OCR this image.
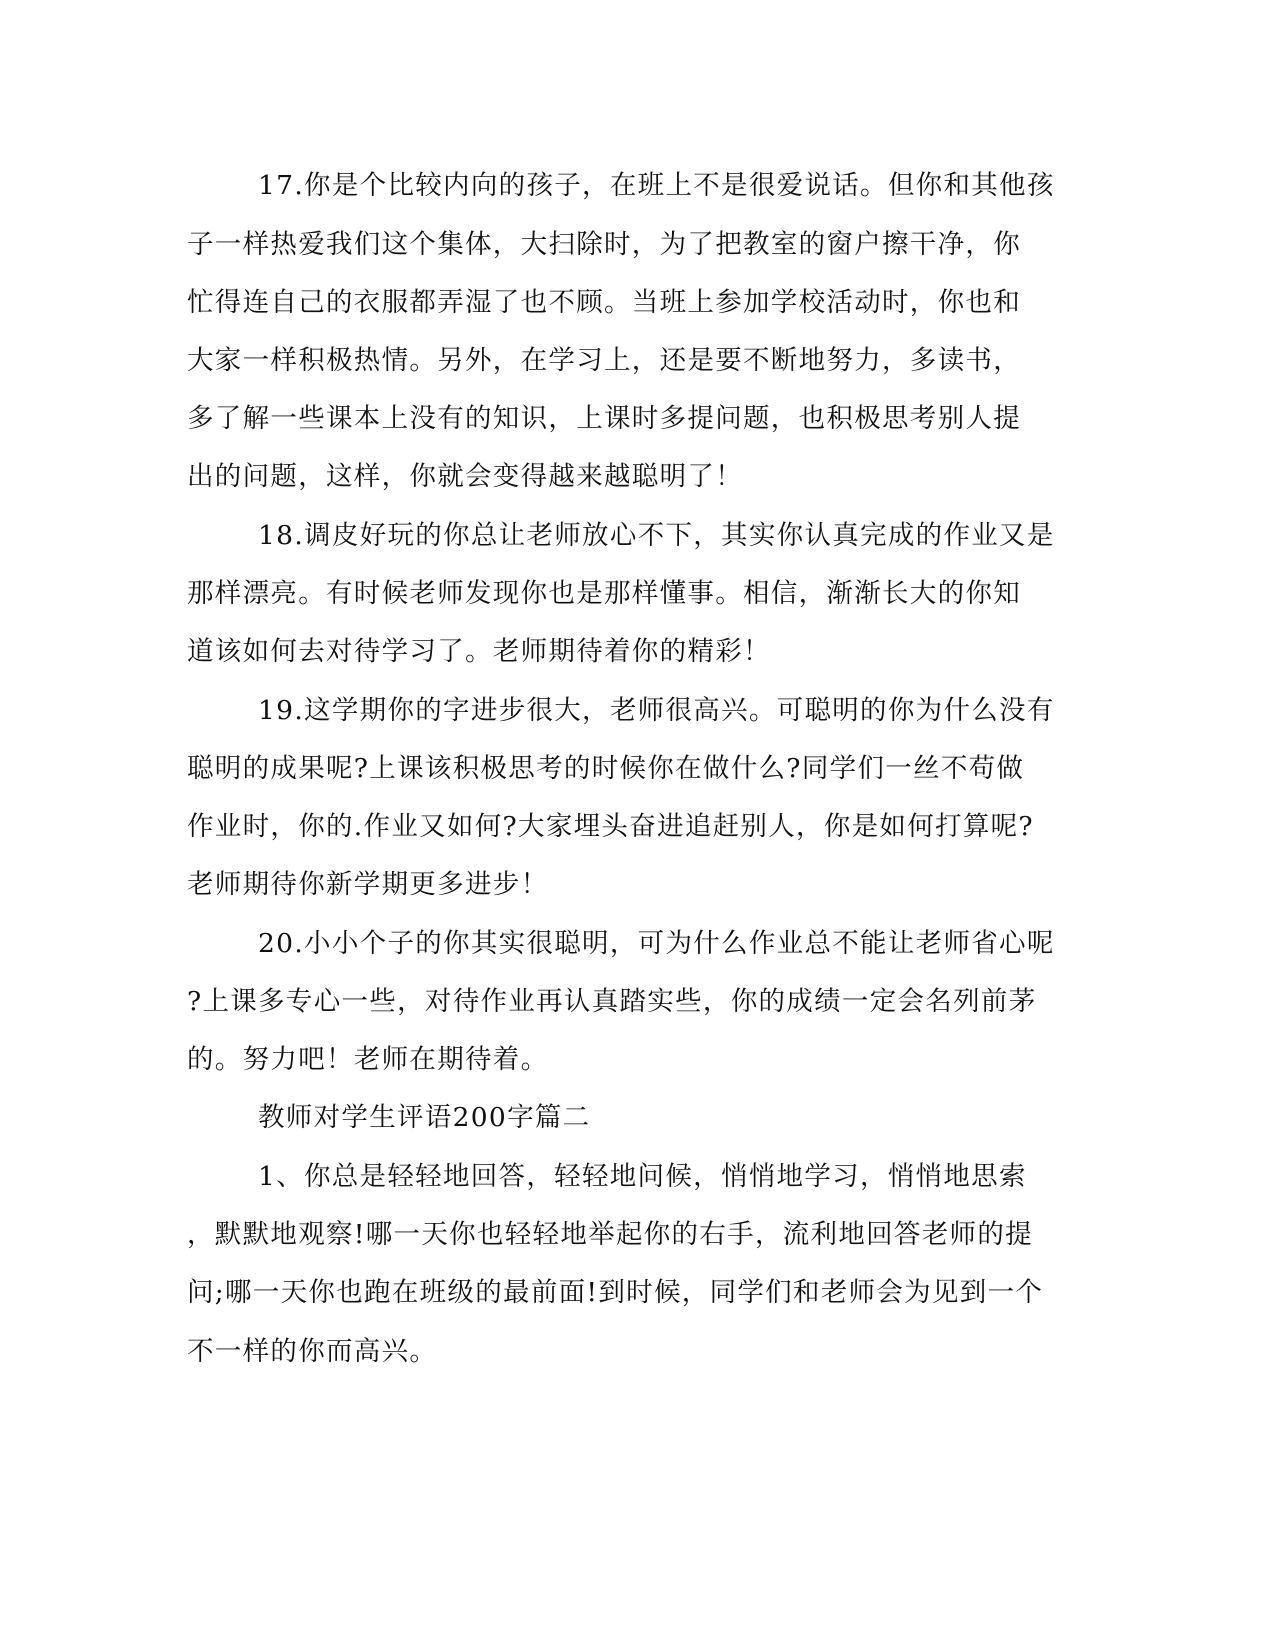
17.你是个比较内向的孩子，在班上不是很爱说话。但你和其他孩
子一样热爱我们这个集体，大扫除时，为了把教室的窗户擦干净，你
忙得连自己的衣服都弄湿了也不顾。当班上参加学校活动时，你也和
大家一样积极热情。另外，在学习上，还是要不断地努力，多读书，
多了解一些课本上没有的知识，上课时多提问题，也积极思考别人提
出的问题，这样，你就会变得越来越聪明了！
18.调皮好玩的你总让老师放心不下，其实你认真完成的作业又是
那样漂亮。有时候老师发现你也是那样懂事。相信，渐渐长大的你知
道该如何去对待学习了。老师期待着你的精彩！
19.这学期你的字进步很大，老师很高兴。可聪明的你为什么没有
聪明的成果呢?上课该积极思考的时候你在做什么?同学们一丝不苟做
作业时，你的.作业又如何?大家埋头奋进追赶别人，你是如何打算呢?
老师期待你新学期更多进步！
20.小小个子的你其实很聪明，可为什么作业总不能让老师省心呢
?上课多专心一些，对待作业再认真踏实些，你的成绩一定会名列前茅
的。努力吧！老师在期待着。
教师对学生评语200字篇二
1、你总是轻轻地回答，轻轻地问候，悄悄地学习，悄悄地思索
，默默地观察!哪一天你也轻轻地举起你的右手，流利地回答老师的提
问;哪一天你也跑在班级的最前面!到时候，同学们和老师会为见到一个
不一样的你而高兴。
